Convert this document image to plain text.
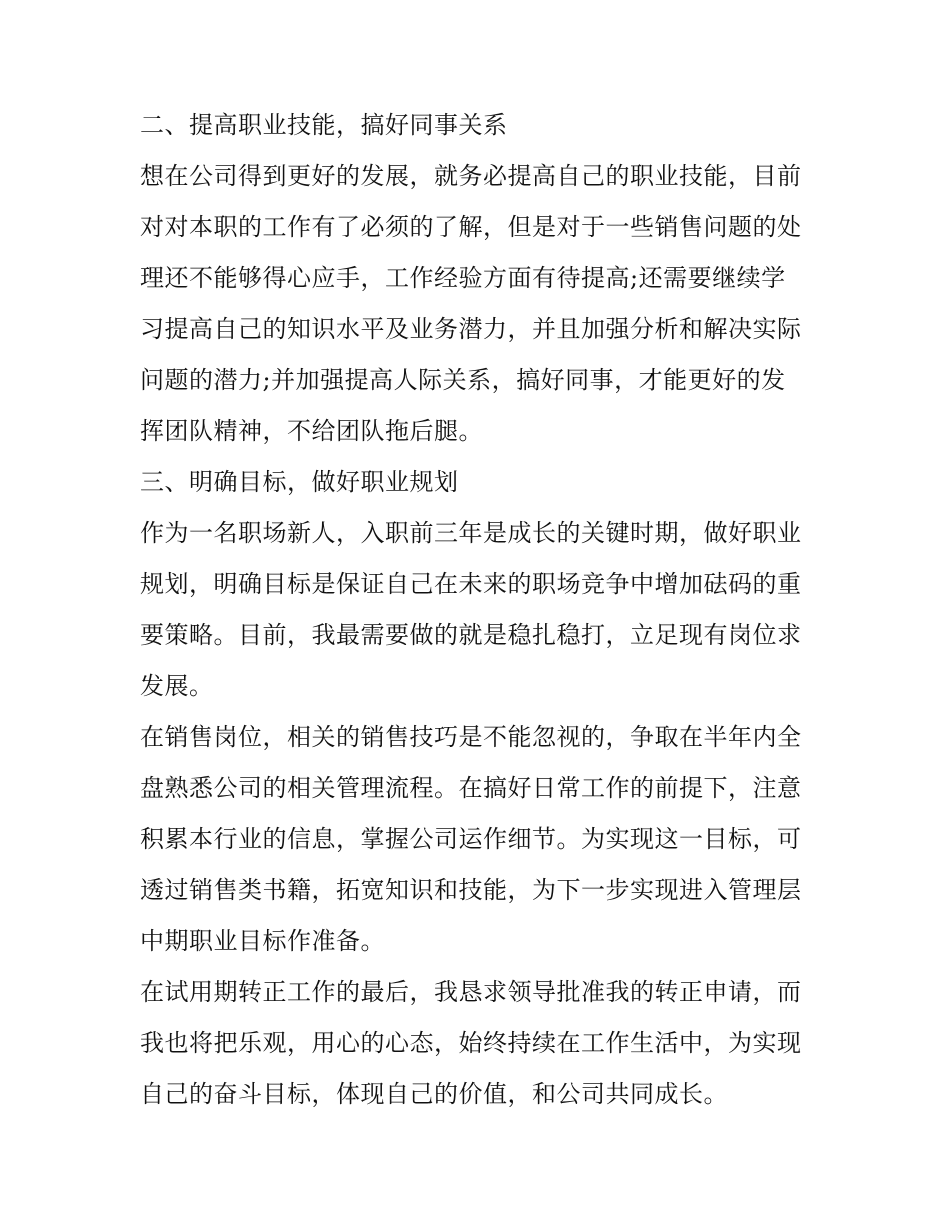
二、提高职业技能，搞好同事关系
想在公司得到更好的发展，就务必提高自己的职业技能，目前
对对本职的工作有了必须的了解，但是对于一些销售问题的处
理还不能够得心应手，工作经验方面有待提高;还需要继续学
习提高自己的知识水平及业务潜力，并且加强分析和解决实际
问题的潜力;并加强提高人际关系，搞好同事，才能更好的发
挥团队精神，不给团队拖后腿。
三、明确目标，做好职业规划
作为一名职场新人，入职前三年是成长的关键时期，做好职业
规划，明确目标是保证自己在未来的职场竞争中增加砝码的重
要策略。目前，我最需要做的就是稳扎稳打，立足现有岗位求
发展。
在销售岗位，相关的销售技巧是不能忽视的，争取在半年内全
盘熟悉公司的相关管理流程。在搞好日常工作的前提下，注意
积累本行业的信息，掌握公司运作细节。为实现这一目标，可
透过销售类书籍，拓宽知识和技能，为下一步实现进入管理层
中期职业目标作准备。
在试用期转正工作的最后，我恳求领导批准我的转正申请，而
我也将把乐观，用心的心态，始终持续在工作生活中，为实现
自己的奋斗目标，体现自己的价值，和公司共同成长。
